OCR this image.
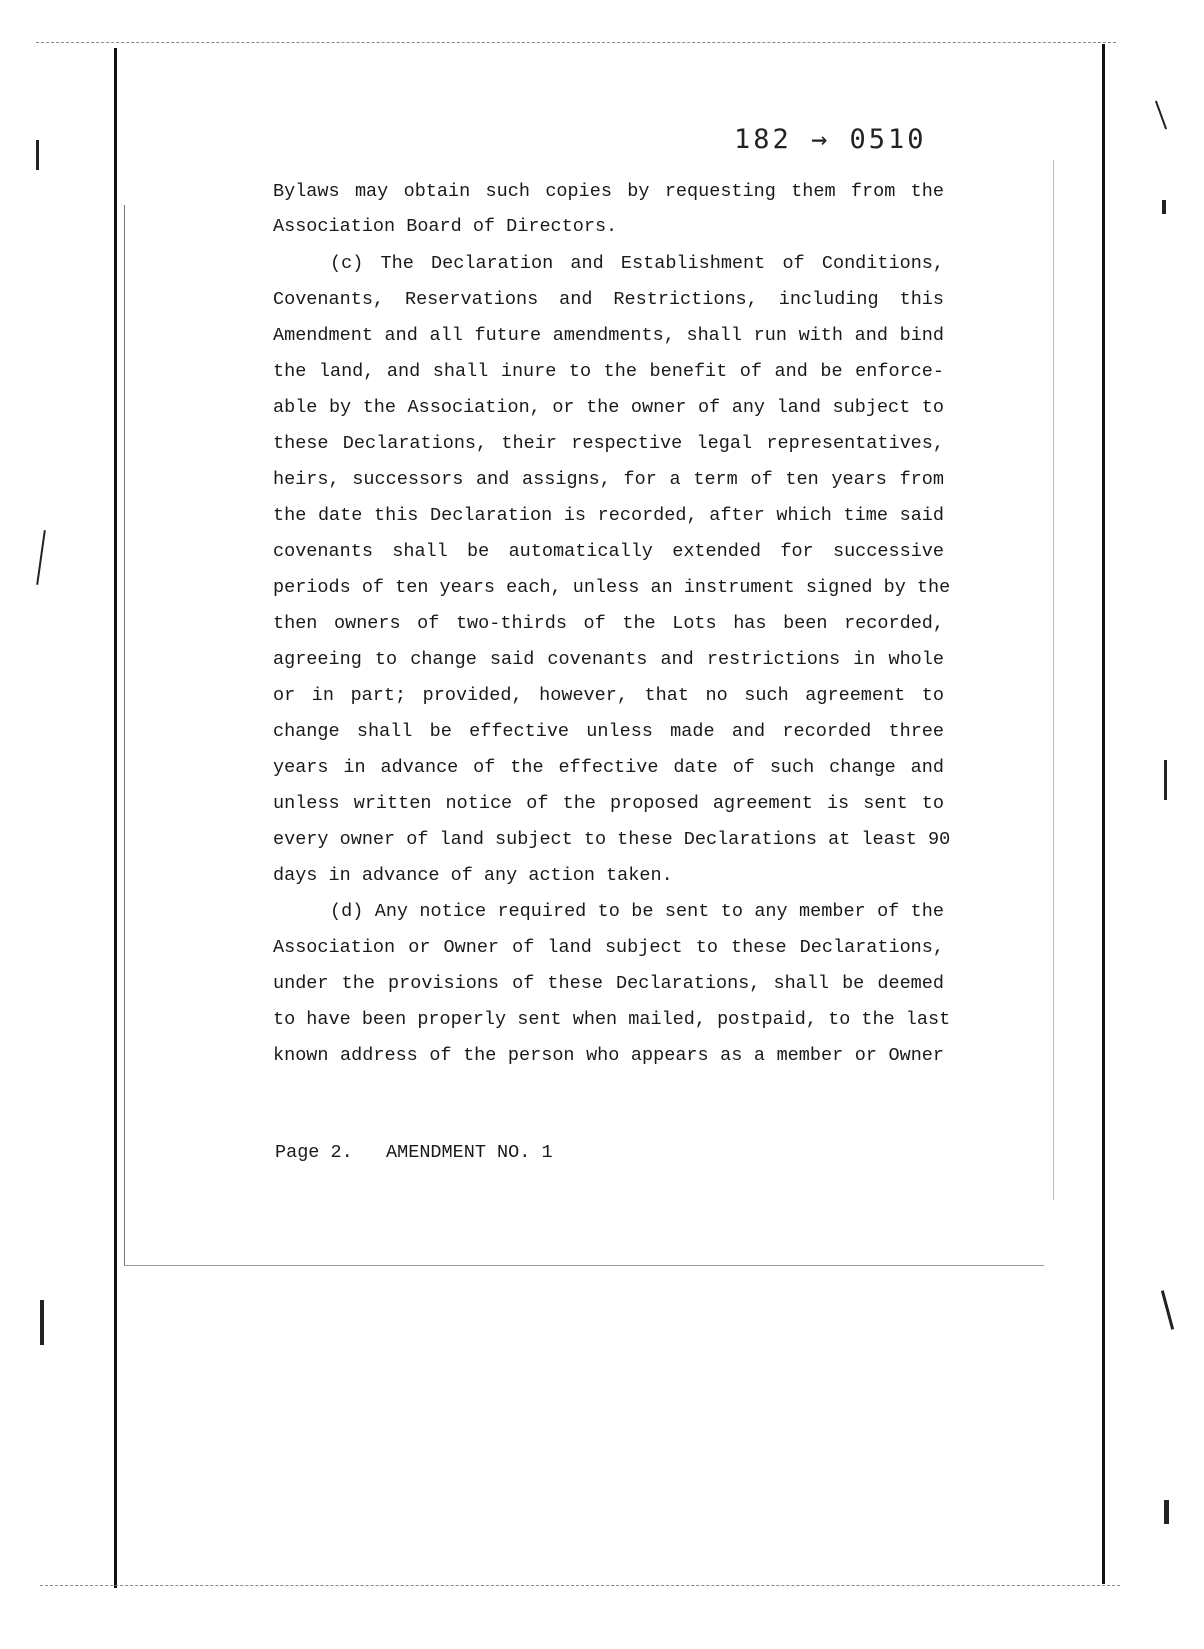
182 → 0510
Bylaws may obtain such copies by requesting them from the
Association Board of Directors.
(c) The Declaration and Establishment of Conditions,
Covenants, Reservations and Restrictions, including this
Amendment and all future amendments, shall run with and bind
the land, and shall inure to the benefit of and be enforce-
able by the Association, or the owner of any land subject to
these Declarations, their respective legal representatives,
heirs, successors and assigns, for a term of ten years from
the date this Declaration is recorded, after which time said
covenants shall be automatically extended for successive
periods of ten years each, unless an instrument signed by the
then owners of two-thirds of the Lots has been recorded,
agreeing to change said covenants and restrictions in whole
or in part; provided, however, that no such agreement to
change shall be effective unless made and recorded three
years in advance of the effective date of such change and
unless written notice of the proposed agreement is sent to
every owner of land subject to these Declarations at least 90
days in advance of any action taken.
(d) Any notice required to be sent to any member of the
Association or Owner of land subject to these Declarations,
under the provisions of these Declarations, shall be deemed
to have been properly sent when mailed, postpaid, to the last
known address of the person who appears as a member or Owner
Page 2.   AMENDMENT NO. 1
